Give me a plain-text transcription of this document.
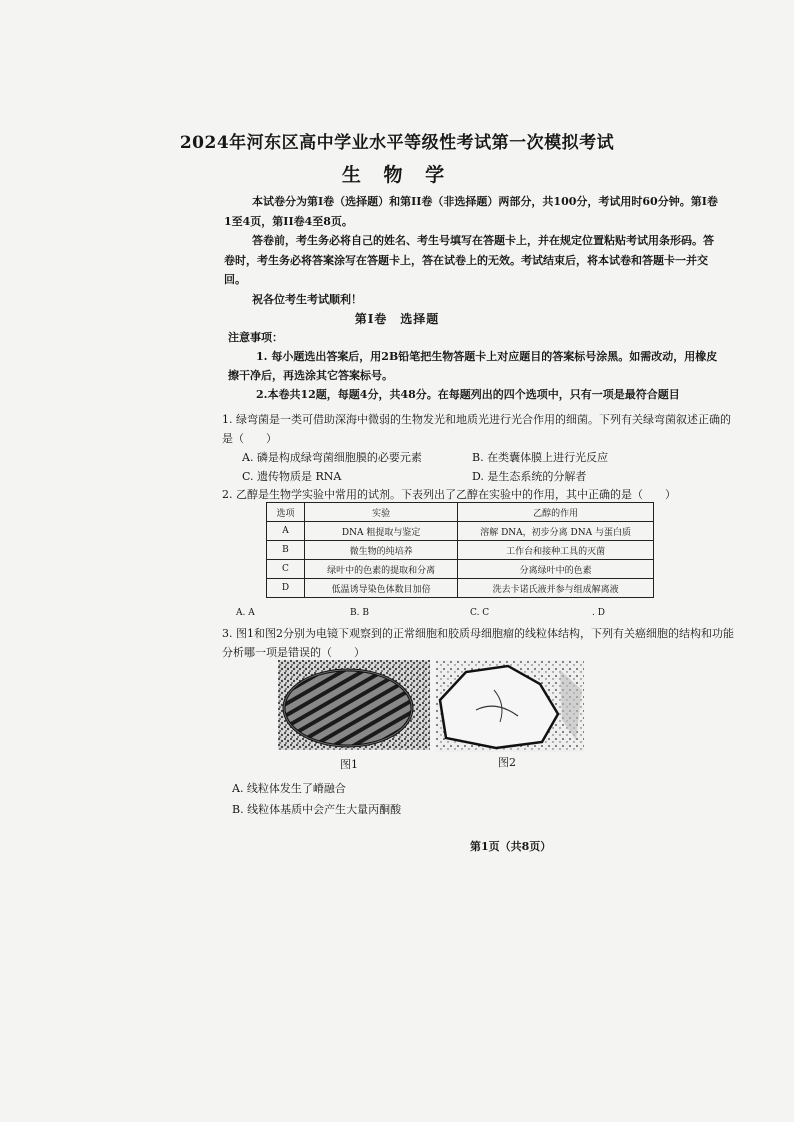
2024年河东区高中学业水平等级性考试第一次模拟考试
生 物 学

本试卷分为第Ⅰ卷（选择题）和第II卷（非选择题）两部分，共100分，考试用时60分钟。第Ⅰ卷1至4页，第II卷4至8页。

答卷前，考生务必将自己的姓名、考生号填写在答题卡上，并在规定位置粘贴考试用条形码。答卷时，考生务必将答案涂写在答题卡上，答在试卷上的无效。考试结束后，将本试卷和答题卡一并交回。

祝各位考生考试顺利！

第Ⅰ卷　选择题

注意事项：

1. 每小题选出答案后，用2B铅笔把生物答题卡上对应题目的答案标号涂黑。如需改动，用橡皮擦干净后，再选涂其它答案标号。

2.本卷共12题，每题4分，共48分。在每题列出的四个选项中，只有一项是最符合题目

1. 绿弯菌是一类可借助深海中微弱的生物发光和地质光进行光合作用的细菌。下列有关绿弯菌叙述正确的是（　　）

A. 磷是构成绿弯菌细胞膜的必要元素	B. 在类囊体膜上进行光反应
C. 遗传物质是 RNA	D. 是生态系统的分解者
2. 乙醇是生物学实验中常用的试剂。下表列出了乙醇在实验中的作用，其中正确的是（　　）
选项	实验	乙醇的作用
A	DNA 粗提取与鉴定	溶解 DNA，初步分离 DNA 与蛋白质
B	微生物的纯培养	工作台和接种工具的灭菌
C	绿叶中的色素的提取和分离	分离绿叶中的色素
D	低温诱导染色体数目加倍	洗去卡诺氏液并参与组成解离液
A. A	B. B	C. C	. D

3. 图1和图2分别为电镜下观察到的正常细胞和胶质母细胞瘤的线粒体结构，下列有关癌细胞的结构和功能分析哪一项是错误的（　　）

图1	图2

A. 线粒体发生了嵴融合

B. 线粒体基质中会产生大量丙酮酸

第1页（共8页）
